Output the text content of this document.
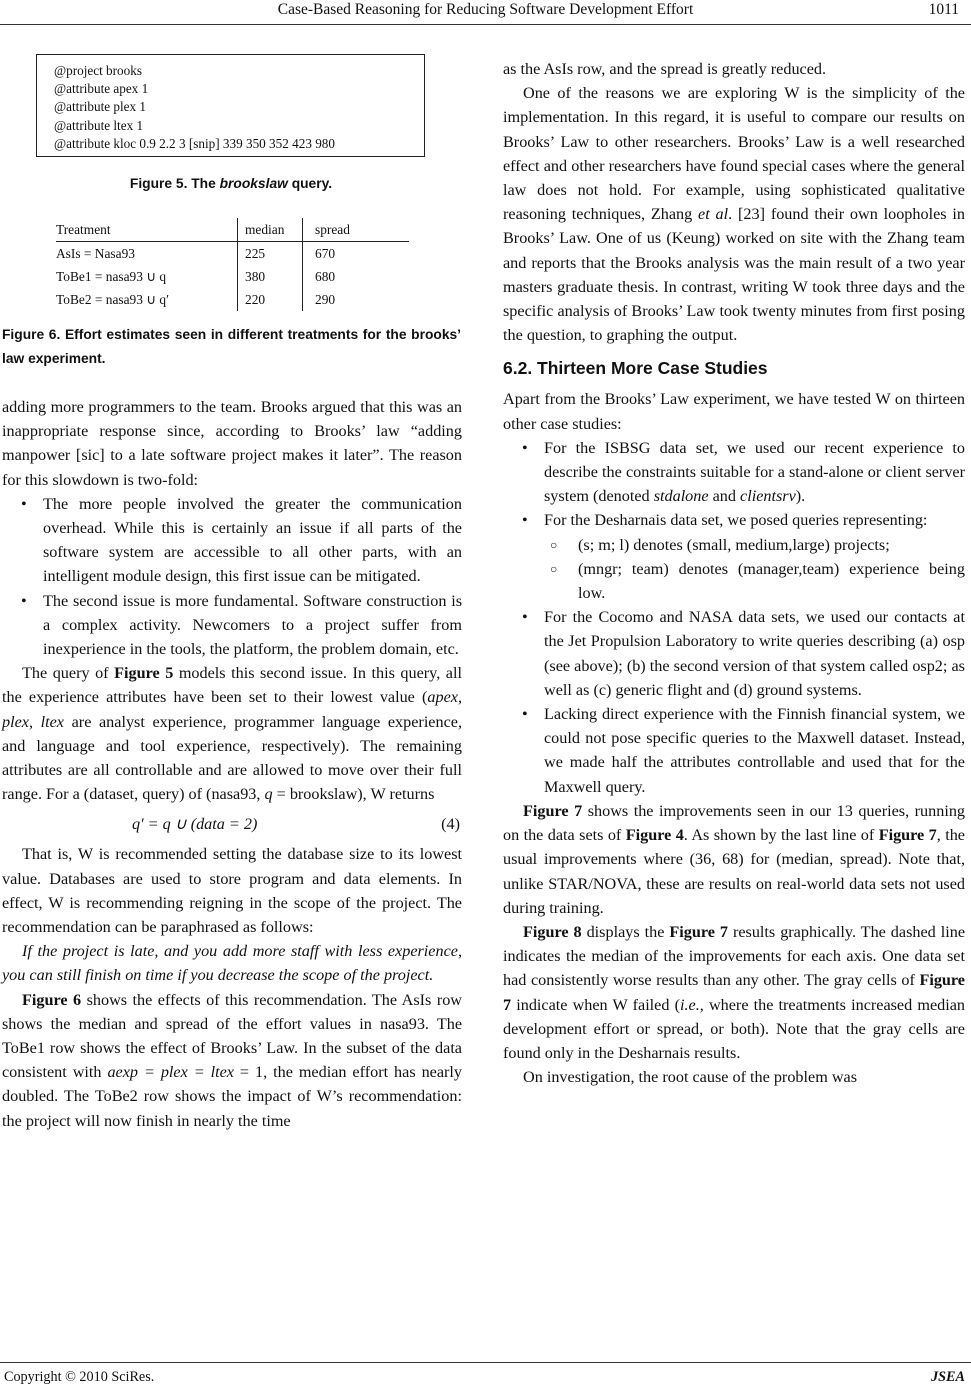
Case-Based Reasoning for Reducing Software Development Effort	1011
@project brooks
@attribute apex 1
@attribute plex 1
@attribute ltex 1
@attribute kloc 0.9 2.2 3 [snip] 339 350 352 423 980
Figure 5. The brookslaw query.
Treatment	median	spread
AsIs = Nasa93	225	670
ToBe1 = nasa93 ∪ q	380	680
ToBe2 = nasa93 ∪ q′	220	290
Figure 6. Effort estimates seen in different treatments for the brooks’ law experiment.

adding more programmers to the team. Brooks argued that this was an inappropriate response since, according to Brooks’ law “adding manpower [sic] to a late software project makes it later”. The reason for this slowdown is two-fold:

• The more people involved the greater the communication overhead. While this is certainly an issue if all parts of the software system are accessible to all other parts, with an intelligent module design, this first issue can be mitigated.
• The second issue is more fundamental. Software construction is a complex activity. Newcomers to a project suffer from inexperience in the tools, the platform, the problem domain, etc.

The query of Figure 5 models this second issue. In this query, all the experience attributes have been set to their lowest value (apex, plex, ltex are analyst experience, programmer language experience, and language and tool experience, respectively). The remaining attributes are all controllable and are allowed to move over their full range. For a (dataset, query) of (nasa93, q = brookslaw), W returns

q′ = q ∪ (data = 2)	(4)

That is, W is recommended setting the database size to its lowest value. Databases are used to store program and data elements. In effect, W is recommending reigning in the scope of the project. The recommendation can be paraphrased as follows:

If the project is late, and you add more staff with less experience, you can still finish on time if you decrease the scope of the project.

Figure 6 shows the effects of this recommendation. The AsIs row shows the median and spread of the effort values in nasa93. The ToBe1 row shows the effect of Brooks’ Law. In the subset of the data consistent with aexp = plex = ltex = 1, the median effort has nearly doubled. The ToBe2 row shows the impact of W’s recommendation: the project will now finish in nearly the time

as the AsIs row, and the spread is greatly reduced.

One of the reasons we are exploring W is the simplicity of the implementation. In this regard, it is useful to compare our results on Brooks’ Law to other researchers. Brooks’ Law is a well researched effect and other researchers have found special cases where the general law does not hold. For example, using sophisticated qualitative reasoning techniques, Zhang et al. [23] found their own loopholes in Brooks’ Law. One of us (Keung) worked on site with the Zhang team and reports that the Brooks analysis was the main result of a two year masters graduate thesis. In contrast, writing W took three days and the specific analysis of Brooks’ Law took twenty minutes from first posing the question, to graphing the output.

6.2. Thirteen More Case Studies

Apart from the Brooks’ Law experiment, we have tested W on thirteen other case studies:

• For the ISBSG data set, we used our recent experience to describe the constraints suitable for a stand-alone or client server system (denoted stdalone and clientsrv).
• For the Desharnais data set, we posed queries representing:
○ (s; m; l) denotes (small, medium,large) projects;
○ (mngr; team) denotes (manager,team) experience being low.
• For the Cocomo and NASA data sets, we used our contacts at the Jet Propulsion Laboratory to write queries describing (a) osp (see above); (b) the second version of that system called osp2; as well as (c) generic flight and (d) ground systems.
• Lacking direct experience with the Finnish financial system, we could not pose specific queries to the Maxwell dataset. Instead, we made half the attributes controllable and used that for the Maxwell query.

Figure 7 shows the improvements seen in our 13 queries, running on the data sets of Figure 4. As shown by the last line of Figure 7, the usual improvements where (36, 68) for (median, spread). Note that, unlike STAR/NOVA, these are results on real-world data sets not used during training.

Figure 8 displays the Figure 7 results graphically. The dashed line indicates the median of the improvements for each axis. One data set had consistently worse results than any other. The gray cells of Figure 7 indicate when W failed (i.e., where the treatments increased median development effort or spread, or both). Note that the gray cells are found only in the Desharnais results.

On investigation, the root cause of the problem was

Copyright © 2010 SciRes.	JSEA
